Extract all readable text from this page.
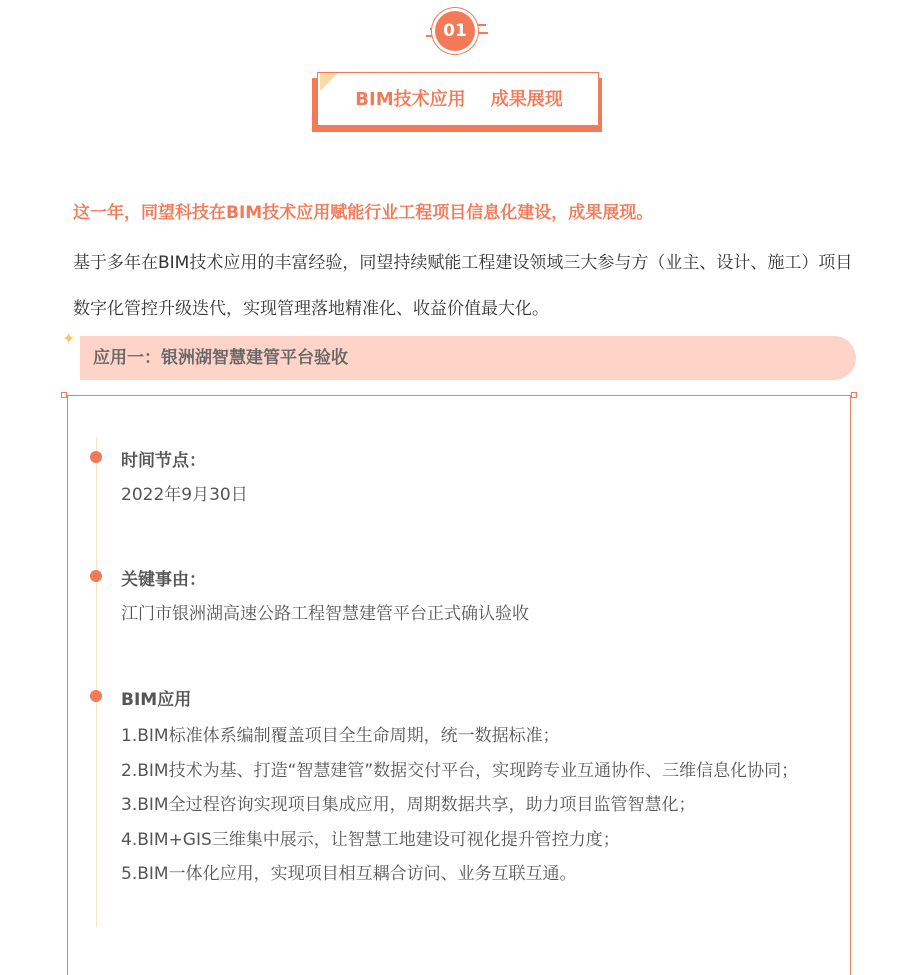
01
BIM技术应用    成果展现
这一年，同望科技在BIM技术应用赋能行业工程项目信息化建设，成果展现。

基于多年在BIM技术应用的丰富经验，同望持续赋能工程建设领域三大参与方（业主、设计、施工）项目数字化管控升级迭代，实现管理落地精准化、收益价值最大化。

✦
应用一：银洲湖智慧建管平台验收
时间节点：
2022年9月30日
关键事由：
江门市银洲湖高速公路工程智慧建管平台正式确认验收
BIM应用
1.BIM标准体系编制覆盖项目全生命周期，统一数据标准；
2.BIM技术为基、打造“智慧建管”数据交付平台，实现跨专业互通协作、三维信息化协同；
3.BIM全过程咨询实现项目集成应用，周期数据共享，助力项目监管智慧化；
4.BIM+GIS三维集中展示，让智慧工地建设可视化提升管控力度；
5.BIM一体化应用，实现项目相互耦合访问、业务互联互通。
